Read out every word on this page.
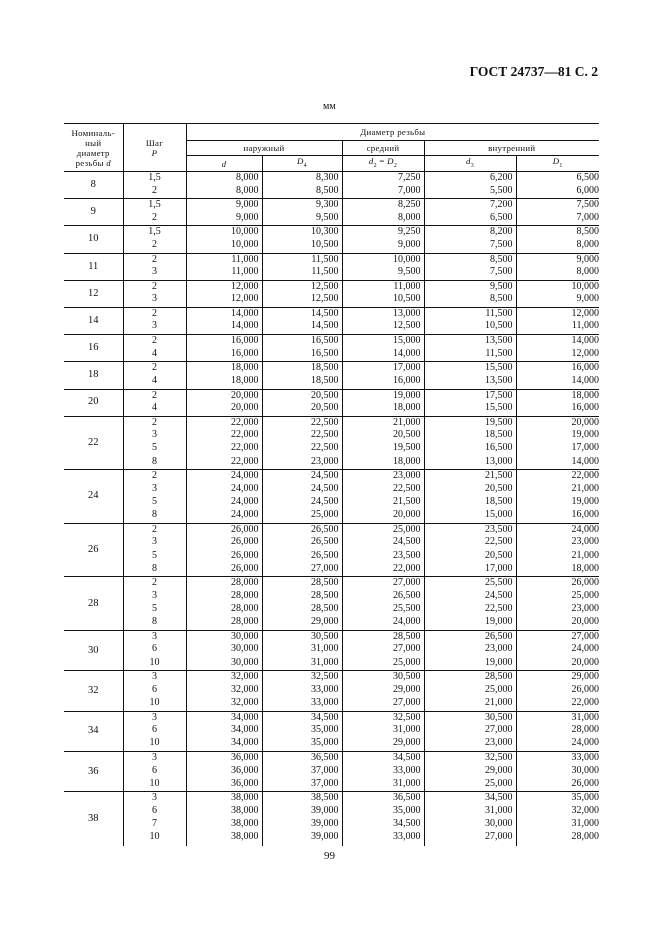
ГОСТ 24737—81 С. 2
мм
Номиналь-
ный
диаметр
резьбы d	Шаг
P	Диаметр резьбы				
		наружный		средний	внутренний	
		d	$D_4$	$d_2 = D_2$	$d_3$	$D_1$
8	1,5	8,000	8,300	7,250	6,200	6,500
	2	8,000	8,500	7,000	5,500	6,000
9	1,5	9,000	9,300	8,250	7,200	7,500
	2	9,000	9,500	8,000	6,500	7,000
10	1,5	10,000	10,300	9,250	8,200	8,500
	2	10,000	10,500	9,000	7,500	8,000
11	2	11,000	11,500	10,000	8,500	9,000
	3	11,000	11,500	9,500	7,500	8,000
12	2	12,000	12,500	11,000	9,500	10,000
	3	12,000	12,500	10,500	8,500	9,000
14	2	14,000	14,500	13,000	11,500	12,000
	3	14,000	14,500	12,500	10,500	11,000
16	2	16,000	16,500	15,000	13,500	14,000
	4	16,000	16,500	14,000	11,500	12,000
18	2	18,000	18,500	17,000	15,500	16,000
	4	18,000	18,500	16,000	13,500	14,000
20	2	20,000	20,500	19,000	17,500	18,000
	4	20,000	20,500	18,000	15,500	16,000
22	2	22,000	22,500	21,000	19,500	20,000
	3	22,000	22,500	20,500	18,500	19,000
	5	22,000	22,500	19,500	16,500	17,000
	8	22,000	23,000	18,000	13,000	14,000
24	2	24,000	24,500	23,000	21,500	22,000
	3	24,000	24,500	22,500	20,500	21,000
	5	24,000	24,500	21,500	18,500	19,000
	8	24,000	25,000	20,000	15,000	16,000
26	2	26,000	26,500	25,000	23,500	24,000
	3	26,000	26,500	24,500	22,500	23,000
	5	26,000	26,500	23,500	20,500	21,000
	8	26,000	27,000	22,000	17,000	18,000
28	2	28,000	28,500	27,000	25,500	26,000
	3	28,000	28,500	26,500	24,500	25,000
	5	28,000	28,500	25,500	22,500	23,000
	8	28,000	29,000	24,000	19,000	20,000
30	3	30,000	30,500	28,500	26,500	27,000
	6	30,000	31,000	27,000	23,000	24,000
	10	30,000	31,000	25,000	19,000	20,000
32	3	32,000	32,500	30,500	28,500	29,000
	6	32,000	33,000	29,000	25,000	26,000
	10	32,000	33,000	27,000	21,000	22,000
34	3	34,000	34,500	32,500	30,500	31,000
	6	34,000	35,000	31,000	27,000	28,000
	10	34,000	35,000	29,000	23,000	24,000
36	3	36,000	36,500	34,500	32,500	33,000
	6	36,000	37,000	33,000	29,000	30,000
	10	36,000	37,000	31,000	25,000	26,000
38	3	38,000	38,500	36,500	34,500	35,000
	6	38,000	39,000	35,000	31,000	32,000
	7	38,000	39,000	34,500	30,000	31,000
	10	38,000	39,000	33,000	27,000	28,000
99
